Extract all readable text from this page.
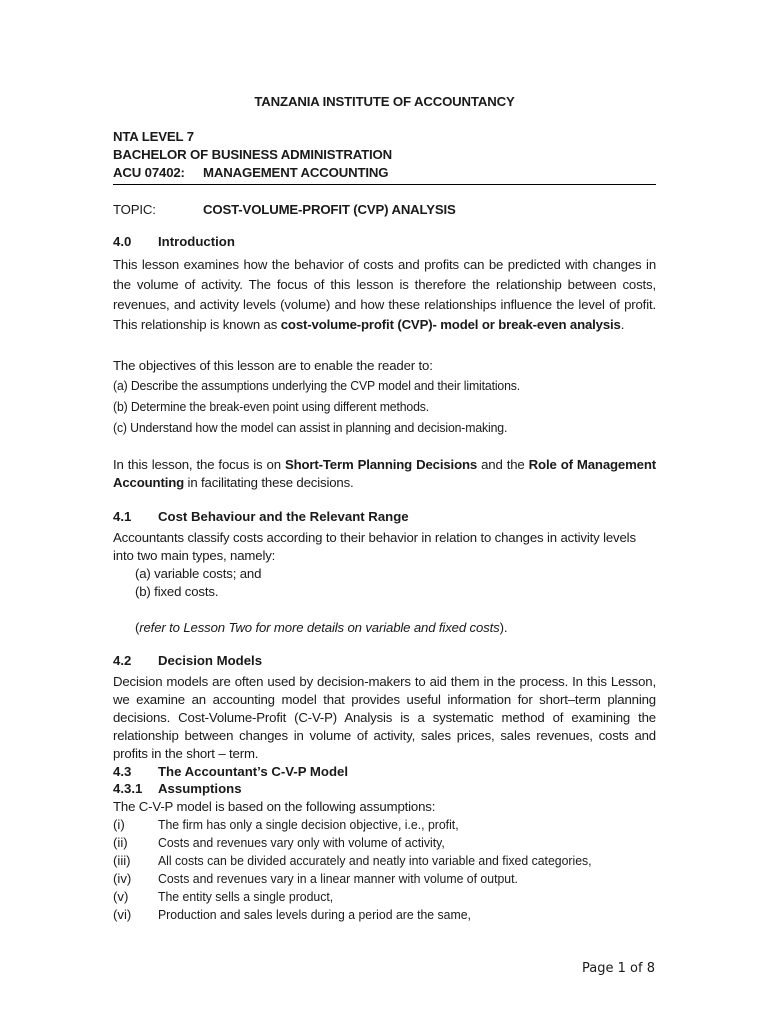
TANZANIA INSTITUTE OF ACCOUNTANCY
NTA LEVEL 7
BACHELOR OF BUSINESS ADMINISTRATION
ACU 07402: MANAGEMENT ACCOUNTING
TOPIC:	COST-VOLUME-PROFIT (CVP) ANALYSIS
4.0 Introduction
This lesson examines how the behavior of costs and profits can be predicted with changes in the volume of activity. The focus of this lesson is therefore the relationship between costs, revenues, and activity levels (volume) and how these relationships influence the level of profit. This relationship is known as cost-volume-profit (CVP)- model or break-even analysis.
The objectives of this lesson are to enable the reader to:
(a) Describe the assumptions underlying the CVP model and their limitations.
(b) Determine the break-even point using different methods.
(c) Understand how the model can assist in planning and decision-making.
In this lesson, the focus is on Short-Term Planning Decisions and the Role of Management Accounting in facilitating these decisions.
4.1 Cost Behaviour and the Relevant Range
Accountants classify costs according to their behavior in relation to changes in activity levels into two main types, namely:
(a) variable costs; and
(b) fixed costs.
(refer to Lesson Two for more details on variable and fixed costs).
4.2 Decision Models
Decision models are often used by decision-makers to aid them in the process. In this Lesson, we examine an accounting model that provides useful information for short–term planning decisions. Cost-Volume-Profit (C-V-P) Analysis is a systematic method of examining the relationship between changes in volume of activity, sales prices, sales revenues, costs and profits in the short – term.
4.3 The Accountant’s C-V-P Model
4.3.1 Assumptions
The C-V-P model is based on the following assumptions:
(i)	The firm has only a single decision objective, i.e., profit,
(ii) Costs and revenues vary only with volume of activity,
(iii) All costs can be divided accurately and neatly into variable and fixed categories,
(iv) Costs and revenues vary in a linear manner with volume of output.
(v) The entity sells a single product,
(vi) Production and sales levels during a period are the same,
Page 1 of 8
